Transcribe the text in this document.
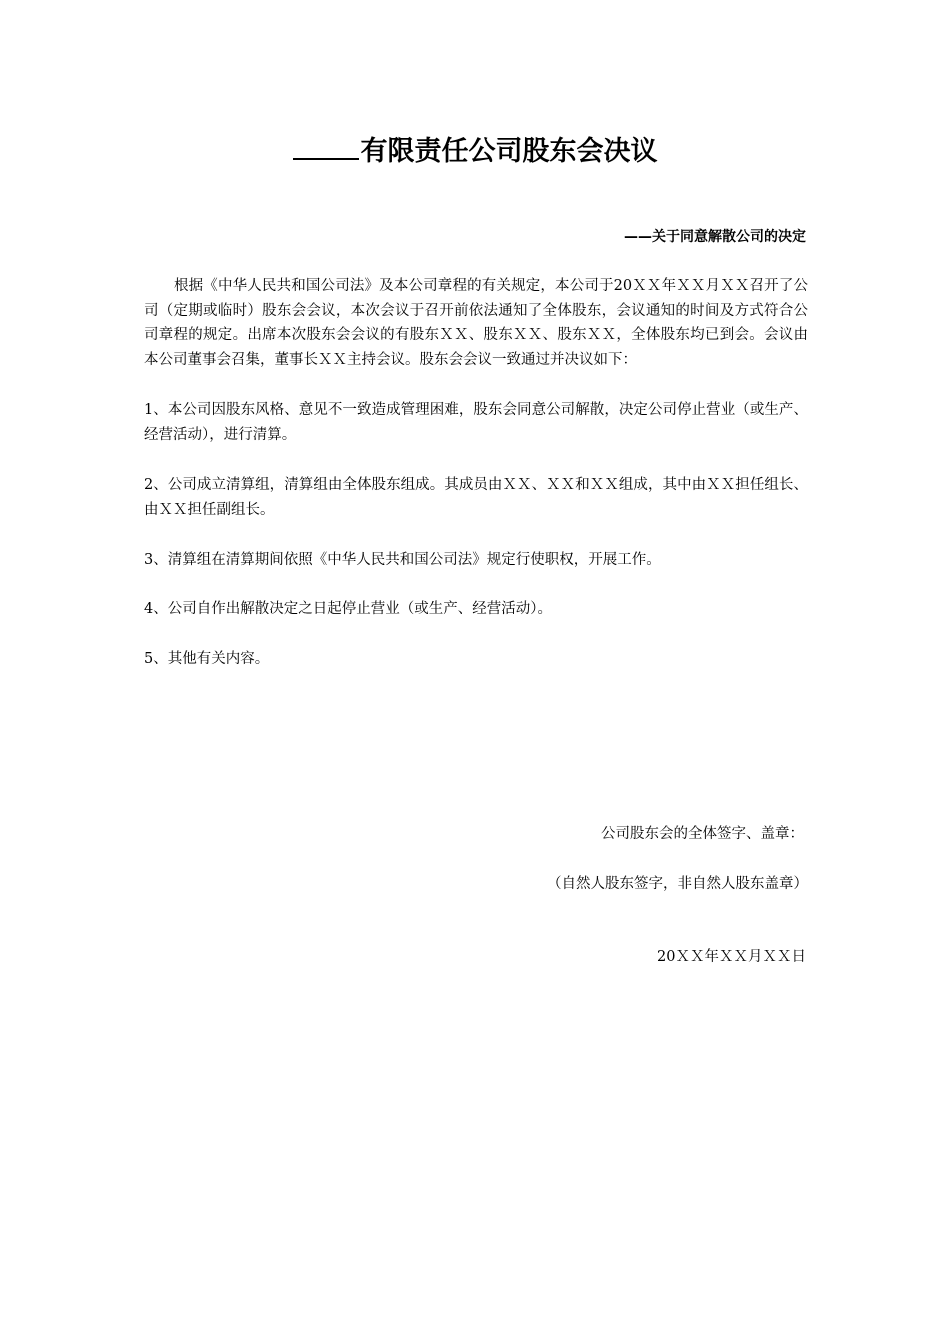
有限责任公司股东会决议
——关于同意解散公司的决定
根据《中华人民共和国公司法》及本公司章程的有关规定，本公司于20ＸＸ年ＸＸ月ＸＸ召开了公司（定期或临时）股东会会议，本次会议于召开前依法通知了全体股东，会议通知的时间及方式符合公司章程的规定。出席本次股东会会议的有股东ＸＸ、股东ＸＸ、股东ＸＸ，全体股东均已到会。会议由本公司董事会召集，董事长ＸＸ主持会议。股东会会议一致通过并决议如下：
1、本公司因股东风格、意见不一致造成管理困难，股东会同意公司解散，决定公司停止营业（或生产、经营活动），进行清算。
2、公司成立清算组，清算组由全体股东组成。其成员由ＸＸ、ＸＸ和ＸＸ组成，其中由ＸＸ担任组长、由ＸＸ担任副组长。
3、清算组在清算期间依照《中华人民共和国公司法》规定行使职权，开展工作。
4、公司自作出解散决定之日起停止营业（或生产、经营活动）。
5、其他有关内容。
公司股东会的全体签字、盖章：
（自然人股东签字，非自然人股东盖章）
20ＸＸ年ＸＸ月ＸＸ日
